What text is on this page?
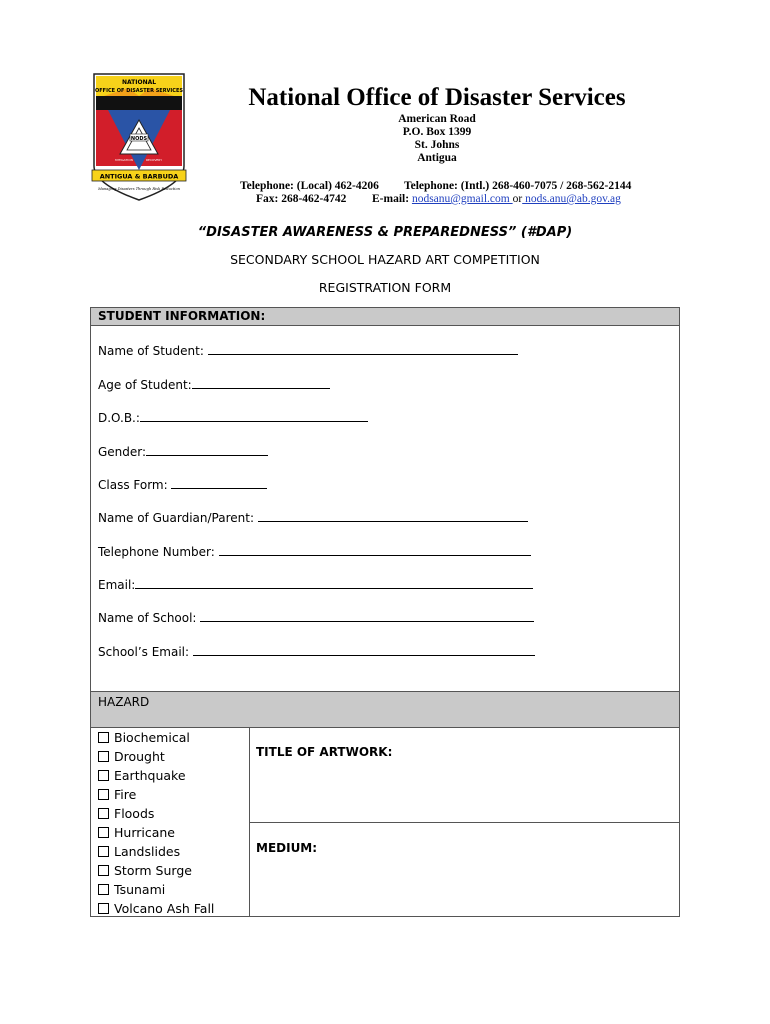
NODS
MITIGATION	RECOVERY
NATIONAL
OFFICE OF DISASTER SERVICES
ANTIGUA & BARBUDA
Managing Disasters Through Risk Reduction
National Office of Disaster Services
American Road
P.O. Box 1399
St. Johns
Antigua
Telephone: (Local) 462-4206
Fax: 268-462-4742
Telephone: (Intl.) 268-460-7075 / 268-562-2144
E-mail: nodsanu@gmail.com or nods.anu@ab.gov.ag
“DISASTER AWARENESS & PREPAREDNESS” (#DAP)
SECONDARY SCHOOL HAZARD ART COMPETITION
REGISTRATION FORM
STUDENT INFORMATION:
Name of Student:
Age of Student:
D.O.B.:
Gender:
Class Form:
Name of Guardian/Parent:
Telephone Number:
Email:
Name of School:
School’s Email:
HAZARD
Biochemical
Drought
Earthquake
Fire
Floods
Hurricane
Landslides
Storm Surge
Tsunami
Volcano Ash Fall
TITLE OF ARTWORK:
MEDIUM:
